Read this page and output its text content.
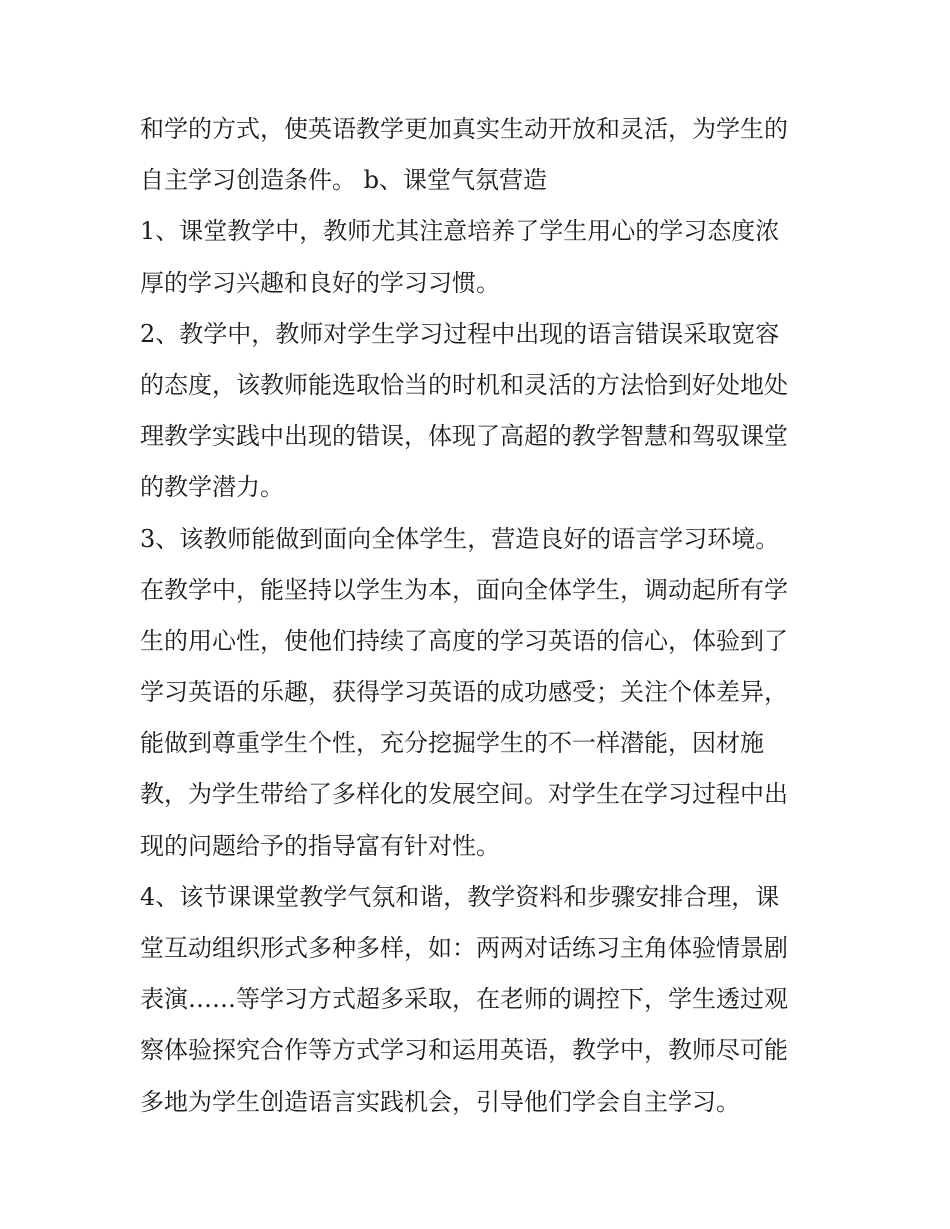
和学的方式，使英语教学更加真实生动开放和灵活，为学生的
自主学习创造条件。 b、课堂气氛营造
1、课堂教学中，教师尤其注意培养了学生用心的学习态度浓
厚的学习兴趣和良好的学习习惯。
2、教学中，教师对学生学习过程中出现的语言错误采取宽容
的态度，该教师能选取恰当的时机和灵活的方法恰到好处地处
理教学实践中出现的错误，体现了高超的教学智慧和驾驭课堂
的教学潜力。
3、该教师能做到面向全体学生，营造良好的语言学习环境。
在教学中，能坚持以学生为本，面向全体学生，调动起所有学
生的用心性，使他们持续了高度的学习英语的信心，体验到了
学习英语的乐趣，获得学习英语的成功感受；关注个体差异，
能做到尊重学生个性，充分挖掘学生的不一样潜能，因材施
教，为学生带给了多样化的发展空间。对学生在学习过程中出
现的问题给予的指导富有针对性。
4、该节课课堂教学气氛和谐，教学资料和步骤安排合理，课
堂互动组织形式多种多样，如：两两对话练习主角体验情景剧
表演……等学习方式超多采取，在老师的调控下，学生透过观
察体验探究合作等方式学习和运用英语，教学中，教师尽可能
多地为学生创造语言实践机会，引导他们学会自主学习。
